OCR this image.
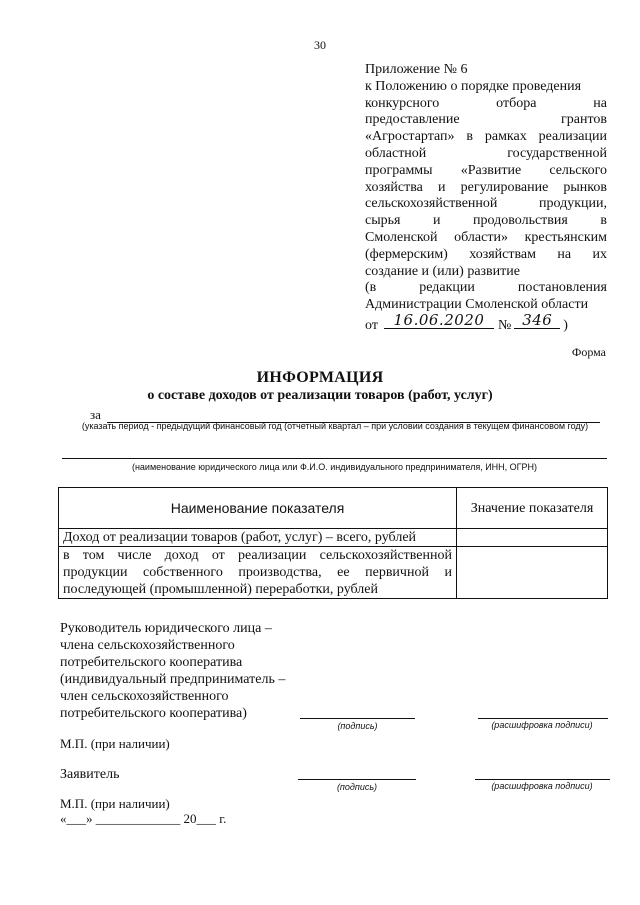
30
Приложение № 6
к Положению о порядке проведения
конкурсного отбора на
предоставление грантов
«Агростартап» в рамках реализации
областной государственной
программы «Развитие сельского
хозяйства и регулирование рынков
сельскохозяйственной продукции,
сырья и продовольствия в
Смоленской области» крестьянским
(фермерским) хозяйствам на их
создание и (или) развитие
(в редакции постановления
Администрации Смоленской области
от	16.06.2020 № 346 )
Форма
ИНФОРМАЦИЯ
о составе доходов от реализации товаров (работ, услуг)
за
(указать период - предыдущий финансовый год (отчетный квартал – при условии создания в текущем финансовом году)
(наименование юридического лица или Ф.И.О. индивидуального предпринимателя, ИНН, ОГРН)
Наименование показателя	Значение показателя
Доход от реализации товаров (работ, услуг) – всего, рублей	
в том числе доход от реализации сельскохозяйственной продукции собственного производства, ее первичной и последующей (промышленной) переработки, рублей	
Руководитель юридического лица –
члена сельскохозяйственного
потребительского кооператива
(индивидуальный предприниматель –
член сельскохозяйственного
потребительского кооператива)
(подпись)	(расшифровка подписи)
М.П. (при наличии)
Заявитель
(подпись)	(расшифровка подписи)
М.П. (при наличии)
«___» _____________ 20___ г.
